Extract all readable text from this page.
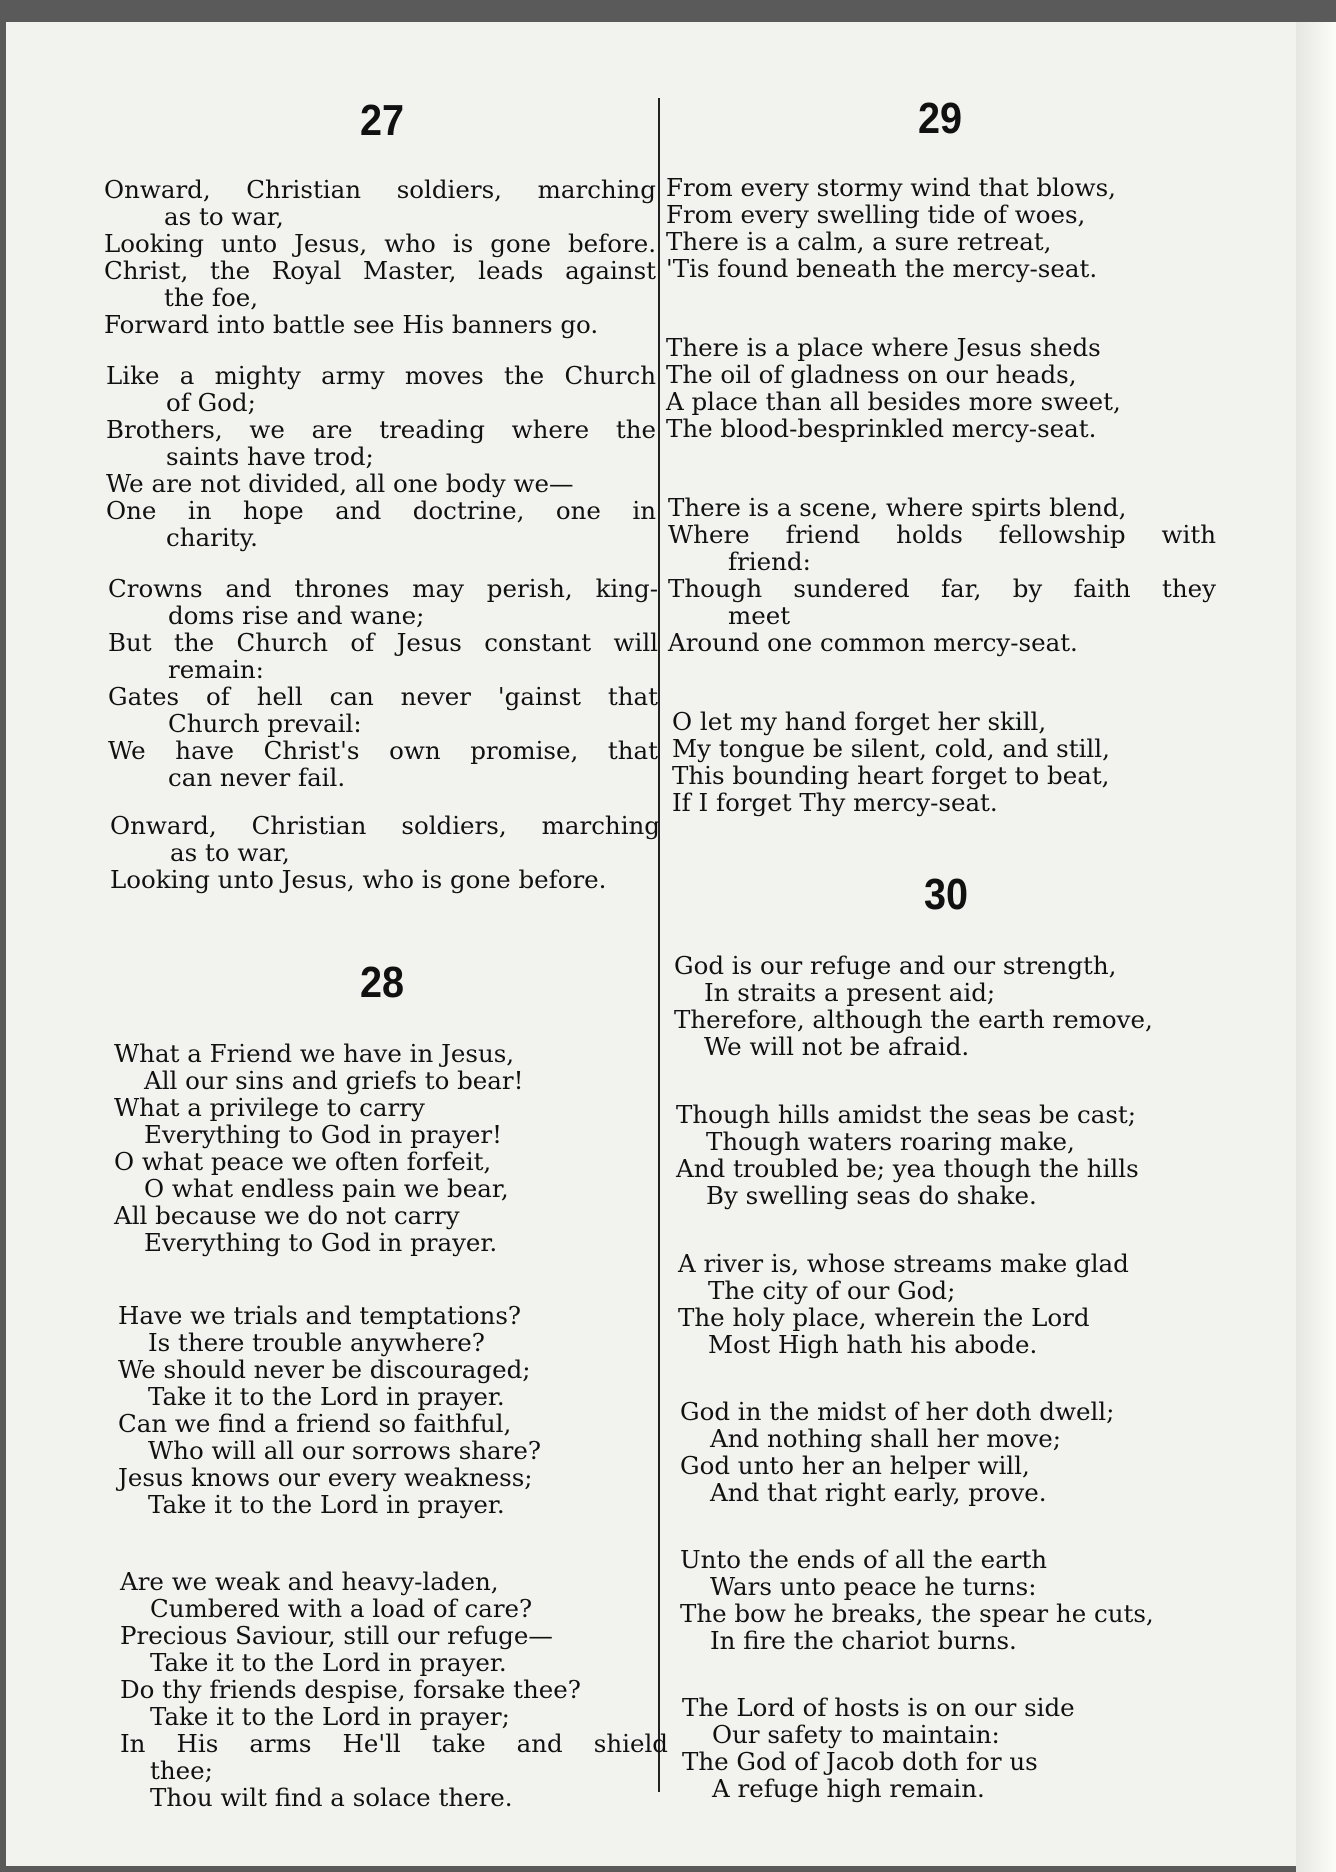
27
Onward, Christian soldiers, marching
as to war,
Looking unto Jesus, who is gone before.
Christ, the Royal Master, leads against
the foe,
Forward into battle see His banners go.
Like a mighty army moves the Church
of God;
Brothers, we are treading where the
saints have trod;
We are not divided, all one body we—
One in hope and doctrine, one in
charity.
Crowns and thrones may perish, king-
doms rise and wane;
But the Church of Jesus constant will
remain:
Gates of hell can never 'gainst that
Church prevail:
We have Christ's own promise, that
can never fail.
Onward, Christian soldiers, marching
as to war,
Looking unto Jesus, who is gone before.
28
What a Friend we have in Jesus,
All our sins and griefs to bear!
What a privilege to carry
Everything to God in prayer!
O what peace we often forfeit,
O what endless pain we bear,
All because we do not carry
Everything to God in prayer.
Have we trials and temptations?
Is there trouble anywhere?
We should never be discouraged;
Take it to the Lord in prayer.
Can we find a friend so faithful,
Who will all our sorrows share?
Jesus knows our every weakness;
Take it to the Lord in prayer.
Are we weak and heavy-laden,
Cumbered with a load of care?
Precious Saviour, still our refuge—
Take it to the Lord in prayer.
Do thy friends despise, forsake thee?
Take it to the Lord in prayer;
In His arms He'll take and shield
thee;
Thou wilt find a solace there.
29
From every stormy wind that blows,
From every swelling tide of woes,
There is a calm, a sure retreat,
'Tis found beneath the mercy-seat.
There is a place where Jesus sheds
The oil of gladness on our heads,
A place than all besides more sweet,
The blood-besprinkled mercy-seat.
There is a scene, where spirts blend,
Where friend holds fellowship with
friend:
Though sundered far, by faith they
meet
Around one common mercy-seat.
O let my hand forget her skill,
My tongue be silent, cold, and still,
This bounding heart forget to beat,
If I forget Thy mercy-seat.
30
God is our refuge and our strength,
In straits a present aid;
Therefore, although the earth remove,
We will not be afraid.
Though hills amidst the seas be cast;
Though waters roaring make,
And troubled be; yea though the hills
By swelling seas do shake.
A river is, whose streams make glad
The city of our God;
The holy place, wherein the Lord
Most High hath his abode.
God in the midst of her doth dwell;
And nothing shall her move;
God unto her an helper will,
And that right early, prove.
Unto the ends of all the earth
Wars unto peace he turns:
The bow he breaks, the spear he cuts,
In fire the chariot burns.
The Lord of hosts is on our side
Our safety to maintain:
The God of Jacob doth for us
A refuge high remain.
